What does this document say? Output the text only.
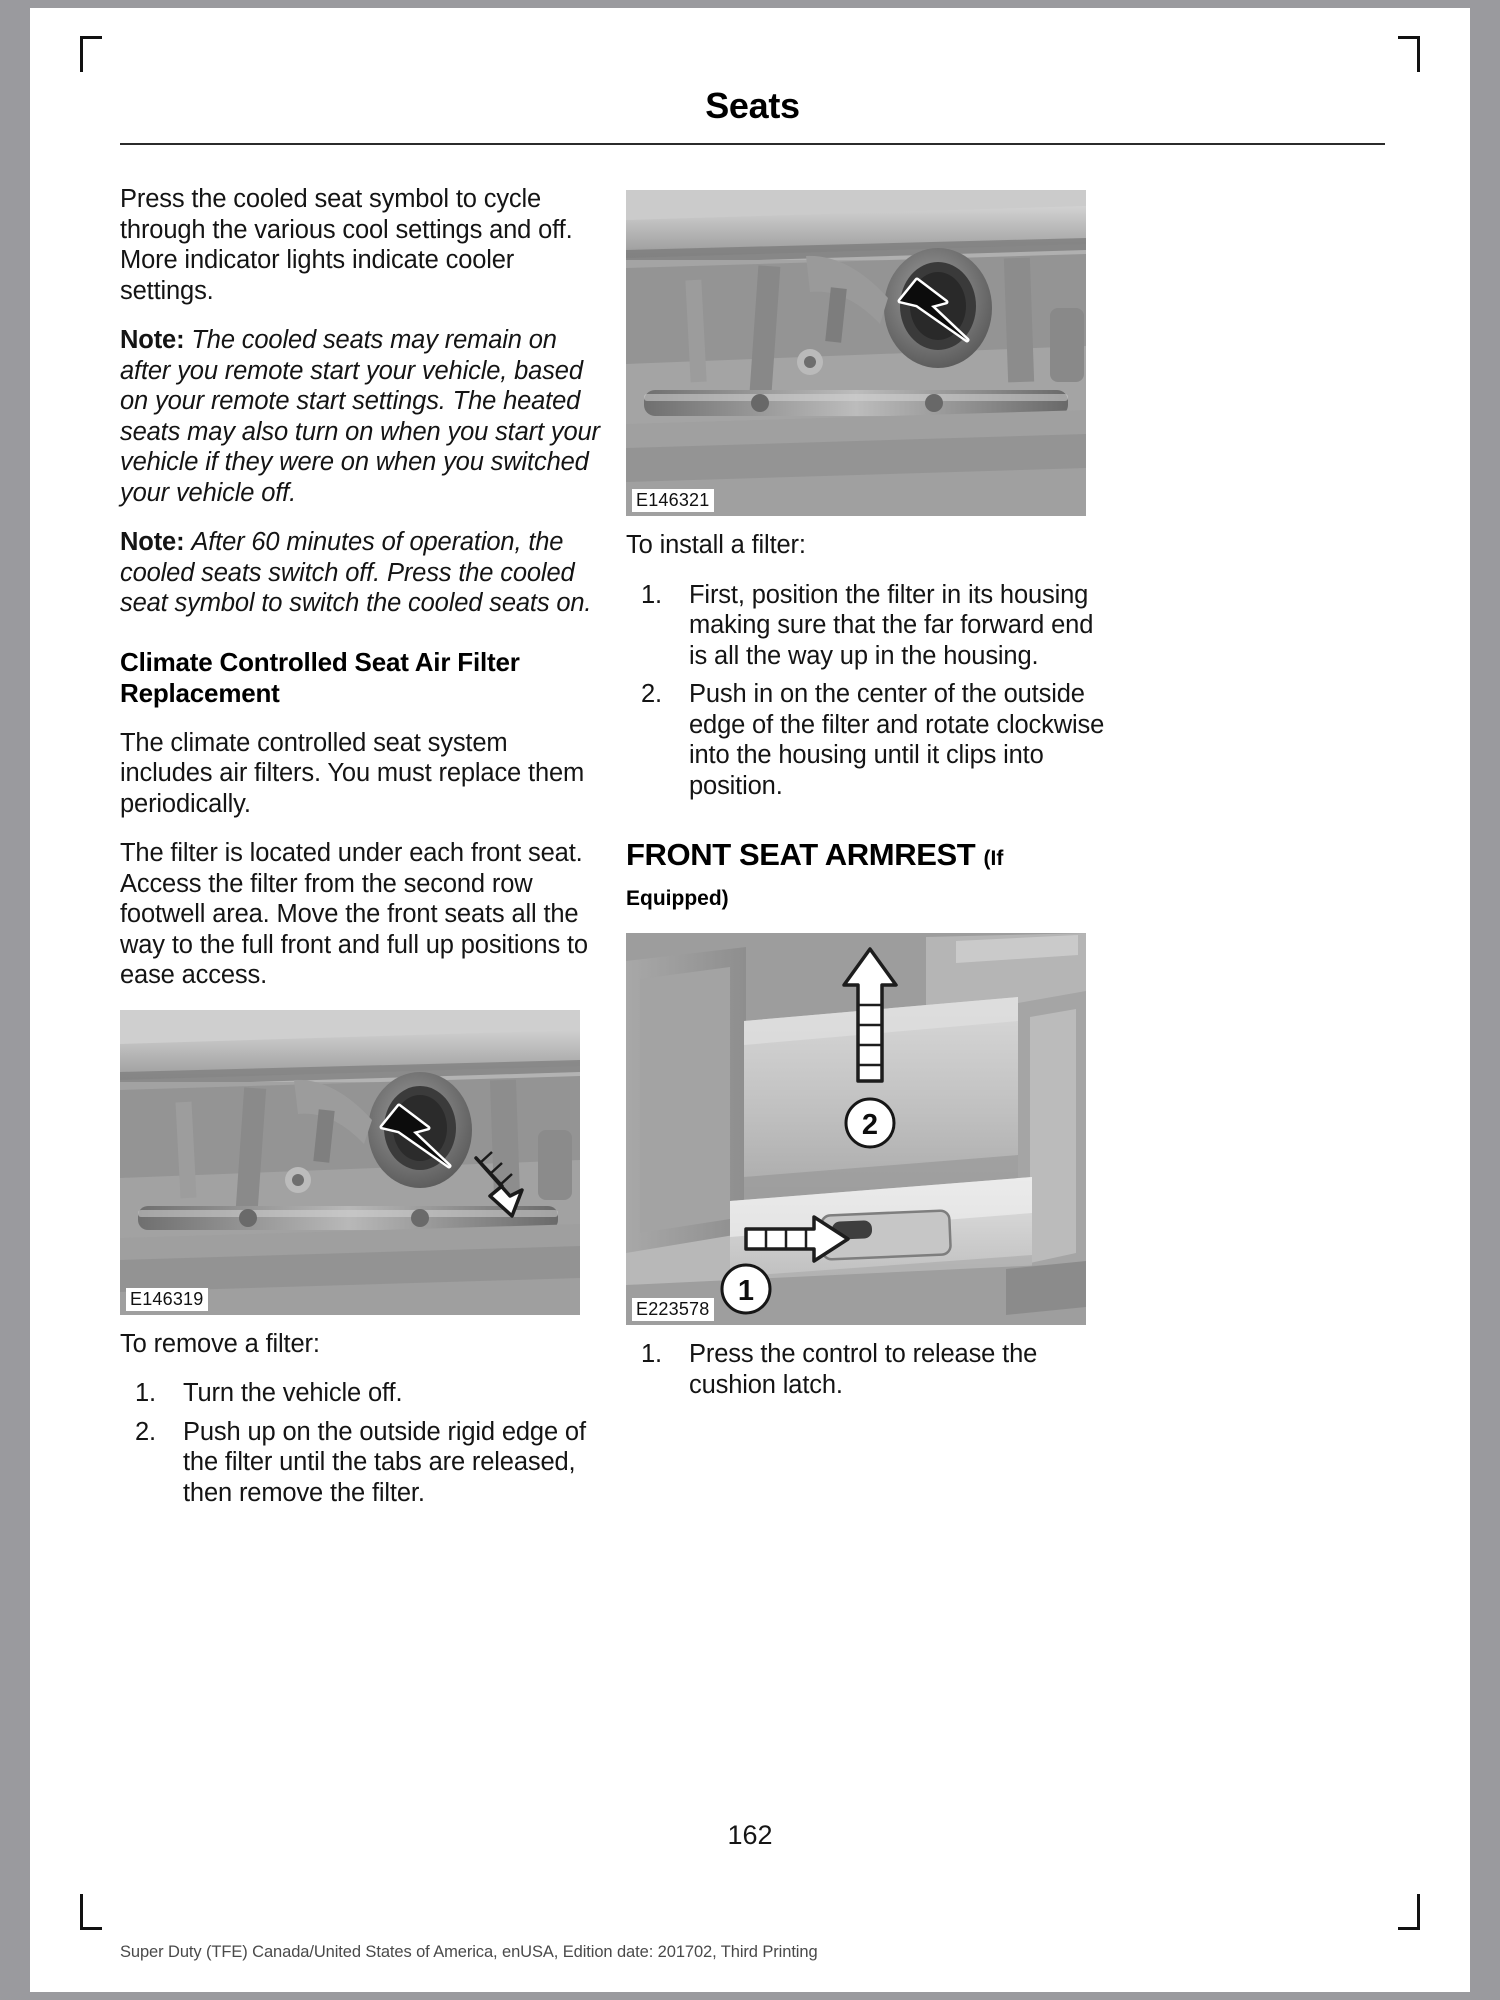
Seats

Press the cooled seat symbol to cycle through the various cool settings and off. More indicator lights indicate cooler settings.

Note: The cooled seats may remain on after you remote start your vehicle, based on your remote start settings. The heated seats may also turn on when you start your vehicle if they were on when you switched your vehicle off.

Note: After 60 minutes of operation, the cooled seats switch off. Press the cooled seat symbol to switch the cooled seats on.

Climate Controlled Seat Air Filter Replacement

The climate controlled seat system includes air filters. You must replace them periodically.

The filter is located under each front seat. Access the filter from the second row footwell area. Move the front seats all the way to the full front and full up positions to ease access.

E146319

To remove a filter:

1.	Turn the vehicle off.
2.	Push up on the outside rigid edge of the filter until the tabs are released, then remove the filter.
E146321

To install a filter:

1.	First, position the filter in its housing making sure that the far forward end is all the way up in the housing.
2.	Push in on the center of the outside edge of the filter and rotate clockwise into the housing until it clips into position.
FRONT SEAT ARMREST (If Equipped)
2
1
E223578
1.	Press the control to release the cushion latch.
162
Super Duty (TFE) Canada/United States of America, enUSA, Edition date: 201702, Third Printing
